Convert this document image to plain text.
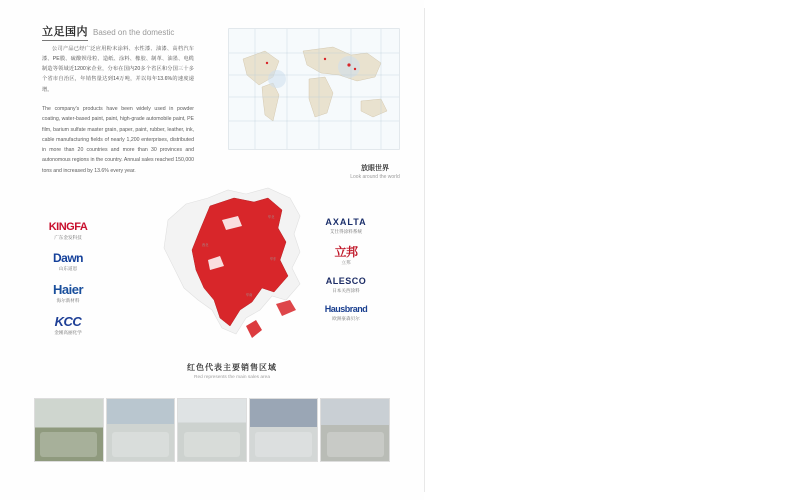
立足国内 Based on the domestic
公司产品已经广泛应用粉末涂料、水性漆、油漆、高档汽车漆、PE膜、硫酸钡母粒、造纸、涂料、橡胶、制革、油墨、电缆制造等领域近1200家企业，分布在国内20多个省区和分国三十多个省市自治区，年销售量达到14万吨，并以每年13.6%的速度递增。
The company's products have been widely used in powder coating, water-based paint, paint, high-grade automobile paint, PE film, barium sulfate master grain, paper, paint, rubber, leather, ink, cable manufacturing fields of nearly 1,200 enterprises, distributed in more than 20 countries and more than 30 provinces and autonomous regions in the country. Annual sales reached 150,000 tons and increased by 13.6% every year.	放眼世界
Look around the world
华北
华东
华南
西北
红色代表主要销售区域
Red represents the main sales area
KINGFA
广东金发科技
Dawn
山东道恩
Haier
海尔新材料
KCC
金刚高丽化学
AXALTA
艾仕得涂料系统
立邦
立邦
ALESCO
日本关西涂料
Hausbrand
欧洲豪森贝尔
